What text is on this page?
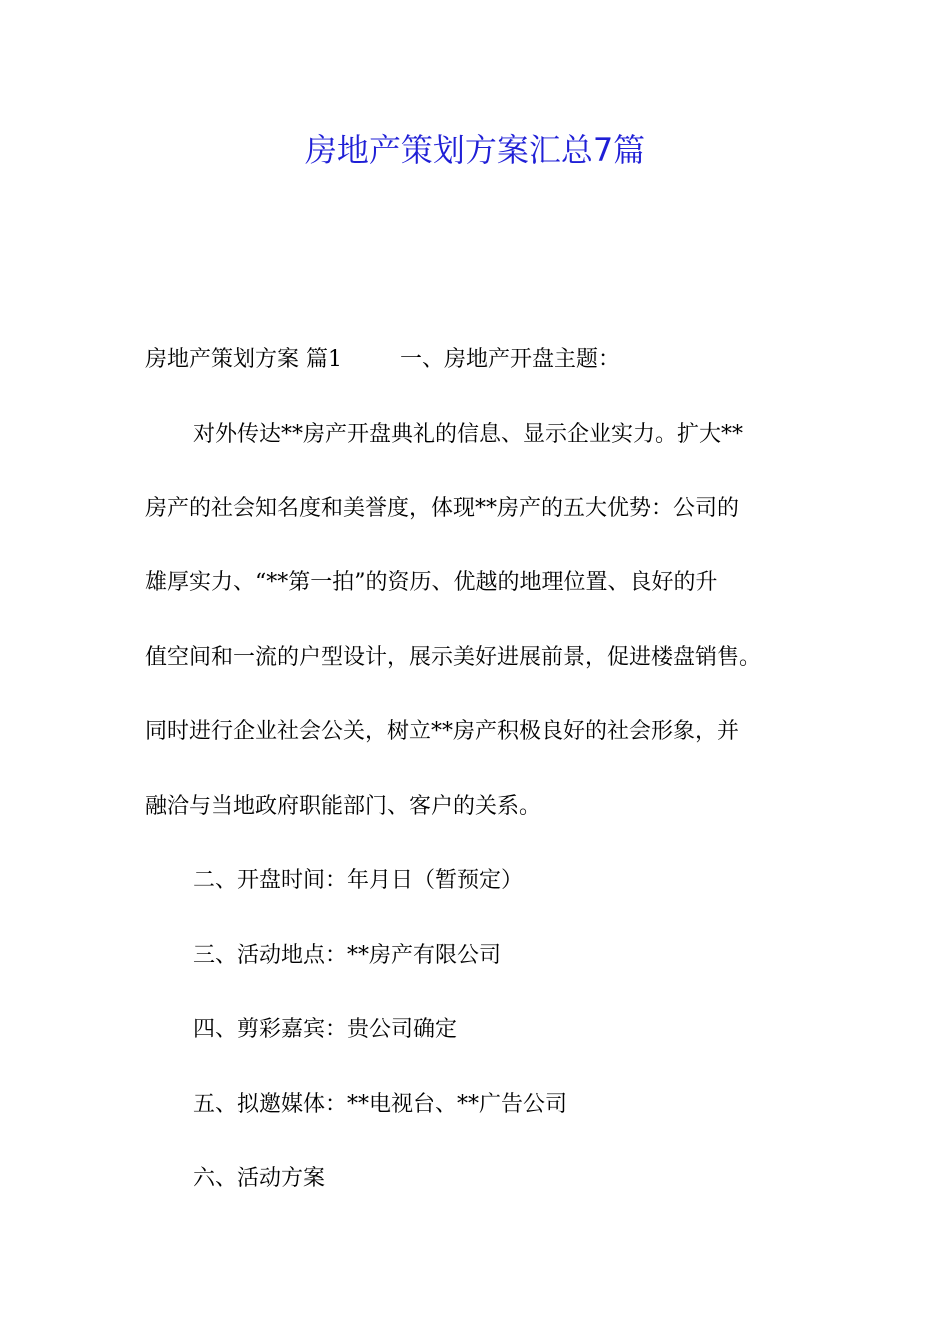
房地产策划方案汇总7篇

房地产策划方案 篇1	一、房地产开盘主题：

对外传达**房产开盘典礼的信息、显示企业实力。扩大**

房产的社会知名度和美誉度，体现**房产的五大优势：公司的

雄厚实力、“**第一拍”的资历、优越的地理位置、良好的升

值空间和一流的户型设计，展示美好进展前景，促进楼盘销售。

同时进行企业社会公关，树立**房产积极良好的社会形象，并

融洽与当地政府职能部门、客户的关系。

二、开盘时间：年月日（暂预定）

三、活动地点：**房产有限公司

四、剪彩嘉宾：贵公司确定

五、拟邀媒体：**电视台、**广告公司

六、活动方案
